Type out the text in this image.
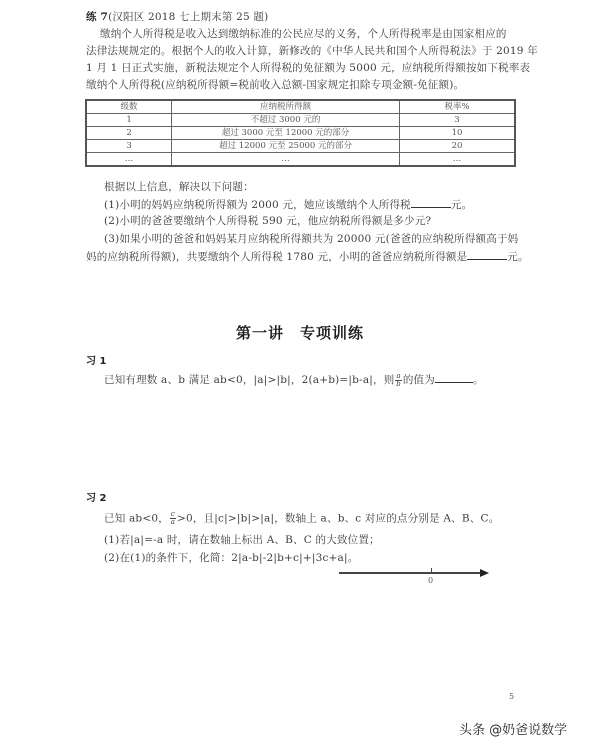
练 7(汉阳区 2018 七上期末第 25 题)
缴纳个人所得税是收入达到缴纳标准的公民应尽的义务，个人所得税率是由国家相应的
法律法规规定的。根据个人的收入计算，新修改的《中华人民共和国个人所得税法》于 2019 年
1 月 1 日正式实施，新税法规定个人所得税的免征额为 5000 元，应纳税所得额按如下税率表
缴纳个人所得税(应纳税所得额=税前收入总额-国家规定扣除专项金额-免征额)。
级数	应纳税所得额	税率%
1	不超过 3000 元的	3
2	超过 3000 元至 12000 元的部分	10
3	超过 12000 元至 25000 元的部分	20
…	…	…
根据以上信息，解决以下问题：
(1)小明的妈妈应纳税所得额为 2000 元，她应该缴纳个人所得税	元。
(2)小明的爸爸要缴纳个人所得税 590 元，他应纳税所得额是多少元?
(3)如果小明的爸爸和妈妈某月应纳税所得额共为 20000 元(爸爸的应纳税所得额高于妈
妈的应纳税所得额)，共要缴纳个人所得税 1780 元，小明的爸爸应纳税所得额是	元。
第一讲　专项训练
习 1
已知有理数 a、b 满足 ab<0，|a|>|b|，2(a+b)=|b-a|，则 $\frac{a}{b}$ 的值为	。
习 2
已知 ab<0， $\frac{c}{a} >0$，且|c|>|b|>|a|，数轴上 a、b、c 对应的点分别是 A、B、C。
(1)若|a|=-a 时，请在数轴上标出 A、B、C 的大致位置；
(2)在(1)的条件下，化简：2|a-b|-2|b+c|+|3c+a|。
0
5
头条 @奶爸说数学
